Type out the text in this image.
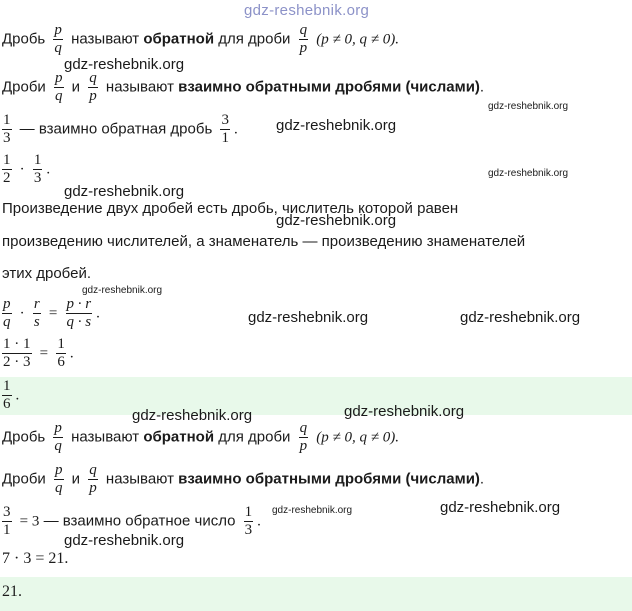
gdz-reshebnik.org
Дробь $\frac{p}{q}$ называют обратной для дроби $\frac{q}{p} (p \ne 0$, q ≠ 0).
gdz-reshebnik.org
Дроби $\frac{p}{q}$ и $\frac{q}{p}$ называют взаимно обратными дробями (числами).
gdz-reshebnik.org
$\frac{1}{3}$ — взаимно обратная дробь $\frac{3}{1}$ .	gdz-reshebnik.org
$\frac{1}{2} \cdot \frac{1}{3}$ .	gdz-reshebnik.org
gdz-reshebnik.org
Произведение двух дробей есть дробь, числитель которой равен
gdz-reshebnik.org
произведению числителей, а знаменатель — произведению знаменателей
этих дробей.
gdz-reshebnik.org
$\frac{p}{q} \cdot \frac{r}{s} = \frac{p \cdot r}{q \cdot s}$ .	gdz-reshebnik.org	gdz-reshebnik.org
$\frac{1 \cdot 1}{2 \cdot 3} = \frac{1}{6}$ .
$\frac{1}{6}$ .
gdz-reshebnik.org	gdz-reshebnik.org
Дробь $\frac{p}{q}$ называют обратной для дроби $\frac{q}{p} (p \ne 0$, q ≠ 0).
Дроби $\frac{p}{q}$ и $\frac{q}{p}$ называют взаимно обратными дробями (числами).
$\frac{3}{1} = 3$ — взаимно обратное число $\frac{1}{3}$ .
gdz-reshebnik.org	gdz-reshebnik.org
gdz-reshebnik.org
7 · 3 = 21.
21.
